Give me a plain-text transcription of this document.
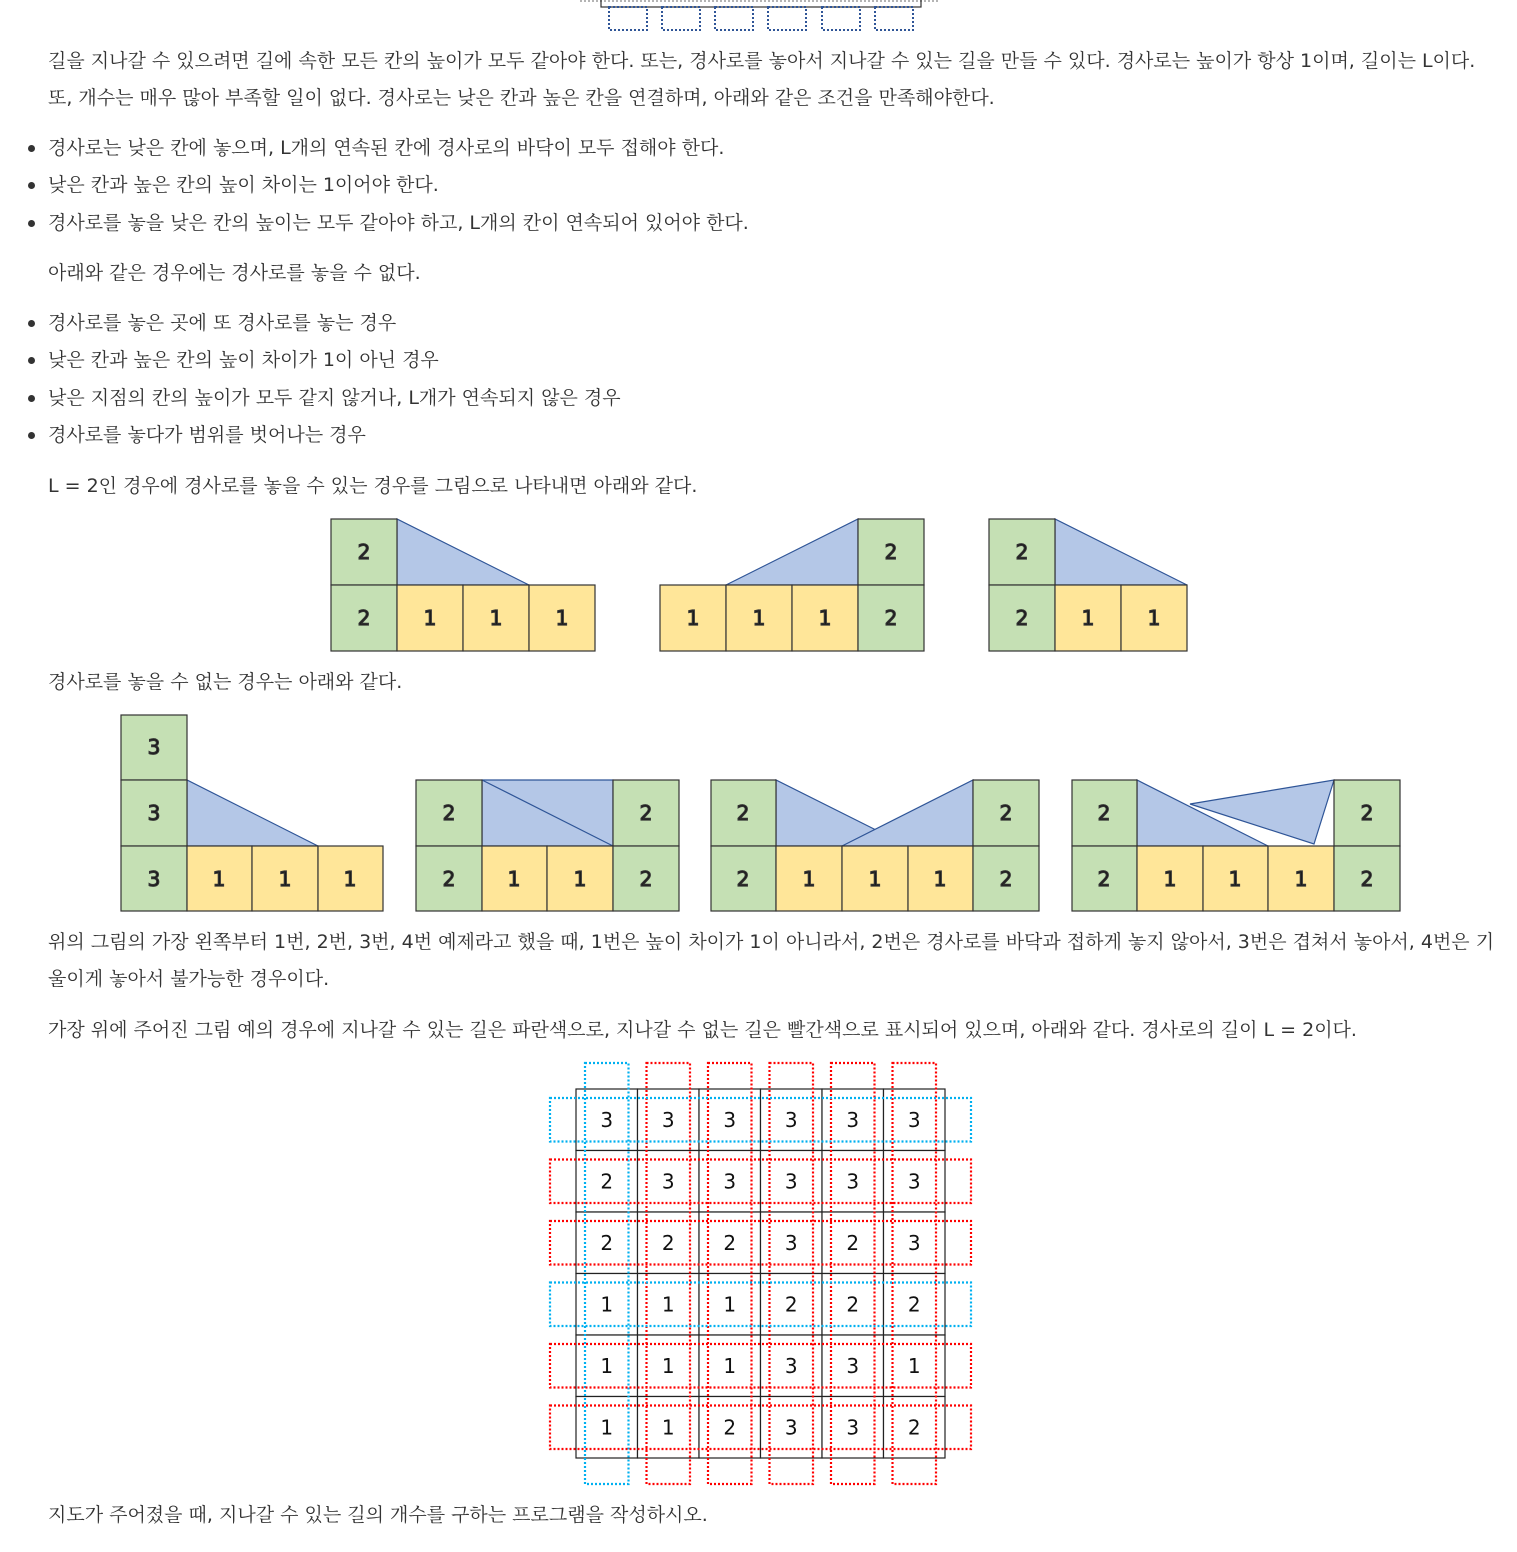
길을 지나갈 수 있으려면 길에 속한 모든 칸의 높이가 모두 같아야 한다. 또는, 경사로를 놓아서 지나갈 수 있는 길을 만들 수 있다. 경사로는 높이가 항상 1이며, 길이는 L이다.

또, 개수는 매우 많아 부족할 일이 없다. 경사로는 낮은 칸과 높은 칸을 연결하며, 아래와 같은 조건을 만족해야한다.

경사로는 낮은 칸에 놓으며, L개의 연속된 칸에 경사로의 바닥이 모두 접해야 한다.

낮은 칸과 높은 칸의 높이 차이는 1이어야 한다.

경사로를 놓을 낮은 칸의 높이는 모두 같아야 하고, L개의 칸이 연속되어 있어야 한다.

아래와 같은 경우에는 경사로를 놓을 수 없다.

경사로를 놓은 곳에 또 경사로를 놓는 경우

낮은 칸과 높은 칸의 높이 차이가 1이 아닌 경우

낮은 지점의 칸의 높이가 모두 같지 않거나, L개가 연속되지 않은 경우

경사로를 놓다가 범위를 벗어나는 경우

L = 2인 경우에 경사로를 놓을 수 있는 경우를 그림으로 나타내면 아래와 같다.

2
2	1	1	1
2
1	1	1	2
2
2	1	1

경사로를 놓을 수 없는 경우는 아래와 같다.

3
3
3	1	1	1
2	2
2	1	1	2
2	2
2	1	1	1	2
2	2
2	1	1	1	2

위의 그림의 가장 왼쪽부터 1번, 2번, 3번, 4번 예제라고 했을 때, 1번은 높이 차이가 1이 아니라서, 2번은 경사로를 바닥과 접하게 놓지 않아서, 3번은 겹쳐서 놓아서, 4번은 기

울이게 놓아서 불가능한 경우이다.

가장 위에 주어진 그림 예의 경우에 지나갈 수 있는 길은 파란색으로, 지나갈 수 없는 길은 빨간색으로 표시되어 있으며, 아래와 같다. 경사로의 길이 L = 2이다.

3 3 3 3 3 3
2 3 3 3 3 3
2 2 2 3 2 3
1 1 1 2 2 2
1 1 1 3 3 1
1 1 2 3 3 2

지도가 주어졌을 때, 지나갈 수 있는 길의 개수를 구하는 프로그램을 작성하시오.
